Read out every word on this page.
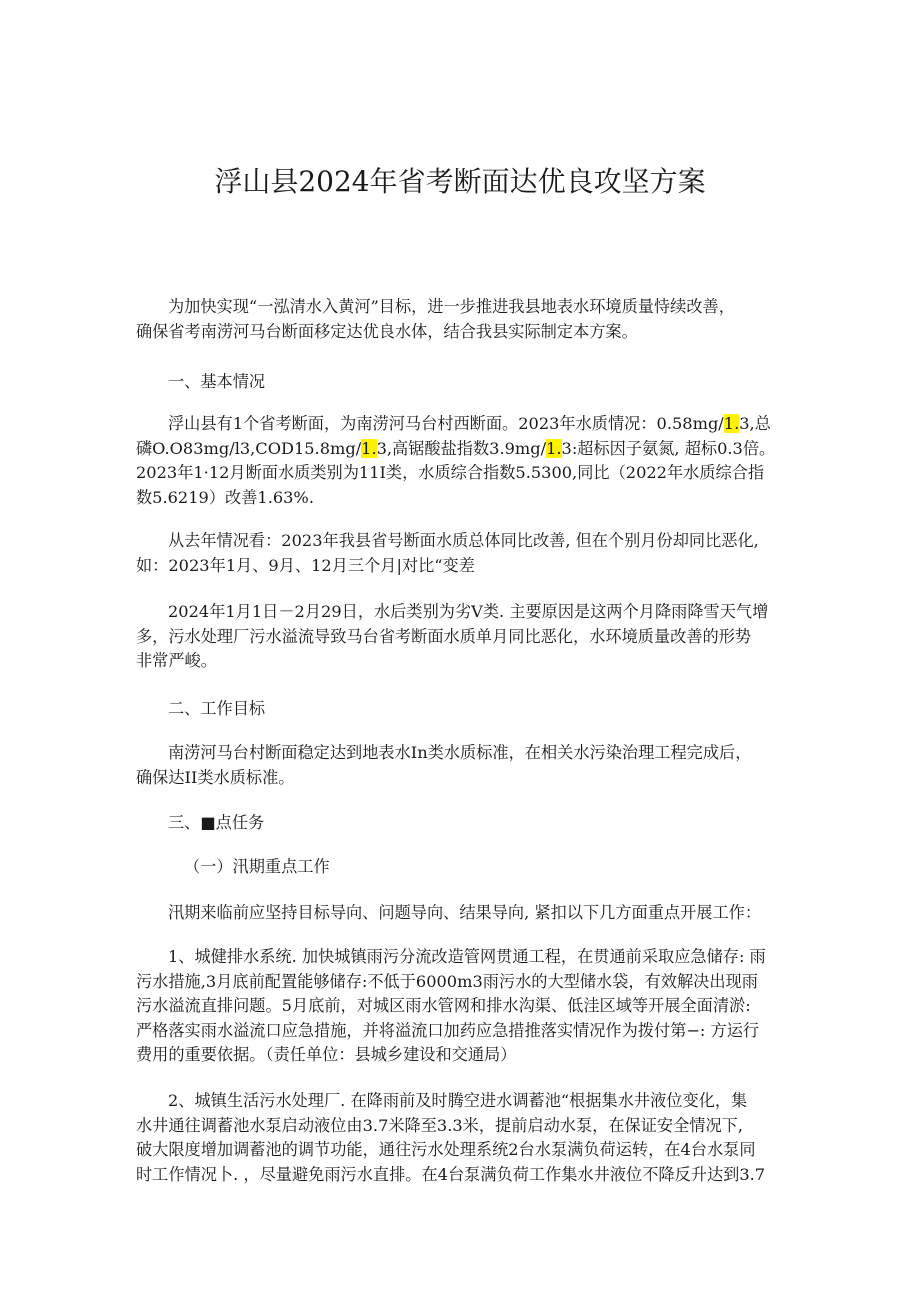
浮山县2024年省考断面达优良攻坚方案
为加快实现“一泓清水入黄河”目标，进一步推进我县地表水环境质量恃续改善，
确保省考南涝河马台断面移定达优良水体，结合我县实际制定本方案。
一、基本情况
浮山县有1个省考断面，为南涝河马台村西断面。2023年水质情况：0.58mg∕1.3,总
磷O.O83mg∕l3,COD15.8mg∕1.3,高锯酸盐指数3.9mg∕1.3:超标因子氨氮, 超标0.3倍。
2023年1·12月断面水质类别为11I类，水质综合指数5.5300,同比（2022年水质综合指
数5.6219）改善1.63%.
从去年情况看：2023年我县省号断面水质总体同比改善, 但在个别月份却同比恶化,
如：2023年1月、9月、12月三个月|对比“变差
2024年1月1日－2月29日，水后类别为劣V类. 主要原因是这两个月降雨降雪天气增
多，污水处理厂污水溢流导致马台省考断面水质单月同比恶化，水环境质量改善的形势
非常严峻。
二、工作目标
南涝河马台村断面稳定达到地表水In类水质标准，在相关水污染治理工程完成后，
确保达II类水质标准。
三、■点任务
（一）汛期重点工作
汛期来临前应坚持目标导向、问题导向、结果导向, 紧扣以下几方面重点开展工作：
1、城健排水系统. 加快城镇雨污分流改造管网贯通工程，在贯通前采取应急储存: 雨
污水措施,3月底前配置能够储存:不低于6000m3雨污水的大型储水袋，有效解决出现雨
污水溢流直排问题。5月底前，对城区雨水管网和排水沟渠、低洼区域等开展全面清淤:
严格落实雨水溢流口应急措施，并将溢流口加药应急措推落实情况作为拨付第−: 方运行
费用的重要依据。（责任单位：县城乡建设和交通局）
2、城镇生活污水处理厂. 在降雨前及时腾空进水调蓄池“根据集水井液位变化，集
水井通往调蓄池水泵启动液位由3.7米降至3.3米，提前启动水泵，在保证安全情况下,
破大限度增加调蓄池的调节功能，通往污水处理系统2台水泵满负荷运转，在4台水泵同
时工作情况卜. ，尽量避免雨污水直排。在4台泵满负荷工作集水井液位不降反升达到3.7
